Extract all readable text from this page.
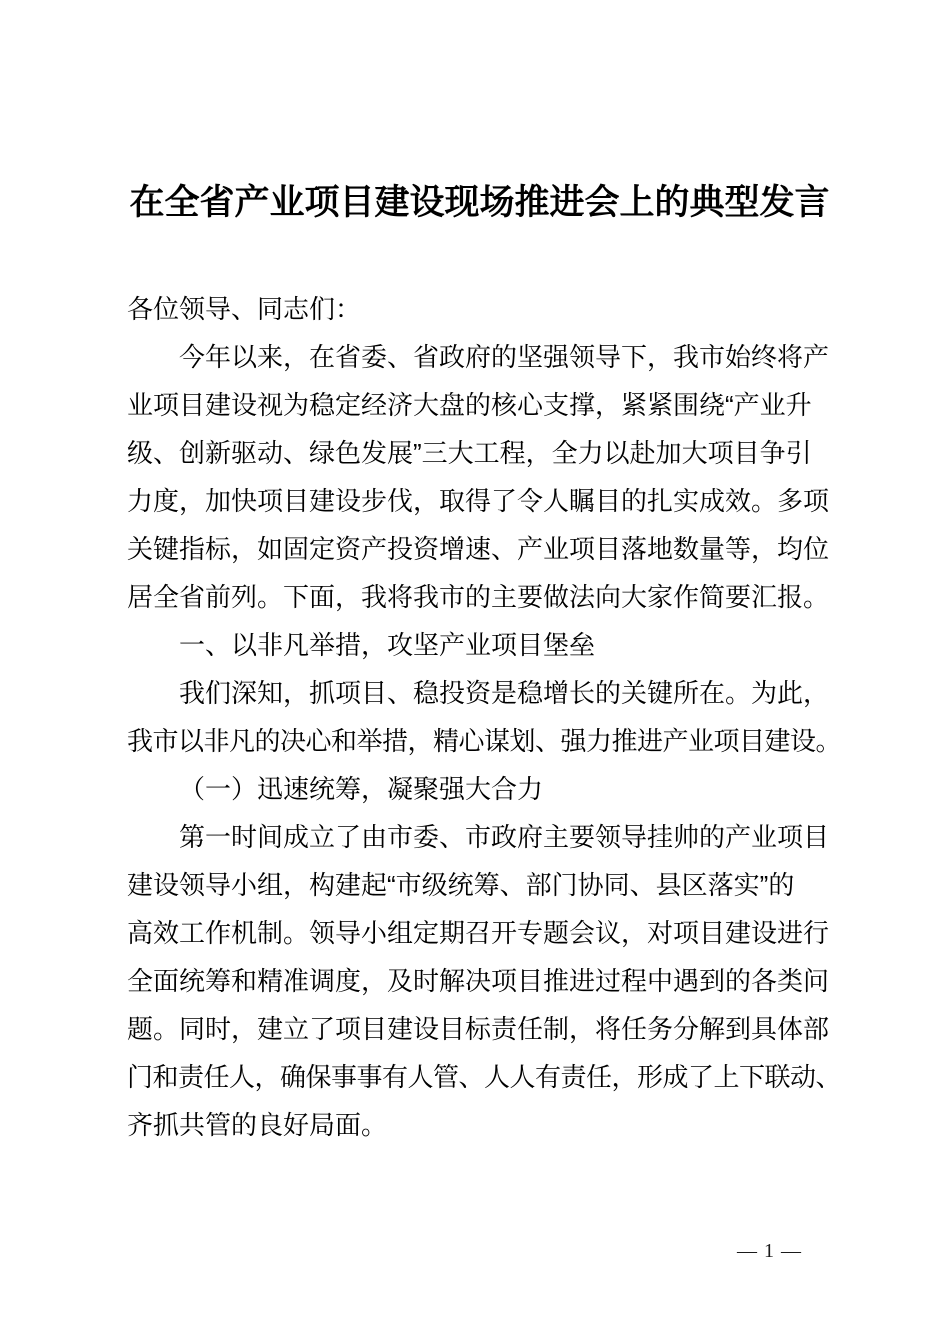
在全省产业项目建设现场推进会上的典型发言
各位领导、同志们：
今年以来，在省委、省政府的坚强领导下，我市始终将产
业项目建设视为稳定经济大盘的核心支撑，紧紧围绕“产业升
级、创新驱动、绿色发展”三大工程，全力以赴加大项目争引
力度，加快项目建设步伐，取得了令人瞩目的扎实成效。多项
关键指标，如固定资产投资增速、产业项目落地数量等，均位
居全省前列。下面，我将我市的主要做法向大家作简要汇报。
一、以非凡举措，攻坚产业项目堡垒
我们深知，抓项目、稳投资是稳增长的关键所在。为此，
我市以非凡的决心和举措，精心谋划、强力推进产业项目建设。
（一）迅速统筹，凝聚强大合力
第一时间成立了由市委、市政府主要领导挂帅的产业项目
建设领导小组，构建起“市级统筹、部门协同、县区落实”的
高效工作机制。领导小组定期召开专题会议，对项目建设进行
全面统筹和精准调度，及时解决项目推进过程中遇到的各类问
题。同时，建立了项目建设目标责任制，将任务分解到具体部
门和责任人，确保事事有人管、人人有责任，形成了上下联动、
齐抓共管的良好局面。
— 1 —
